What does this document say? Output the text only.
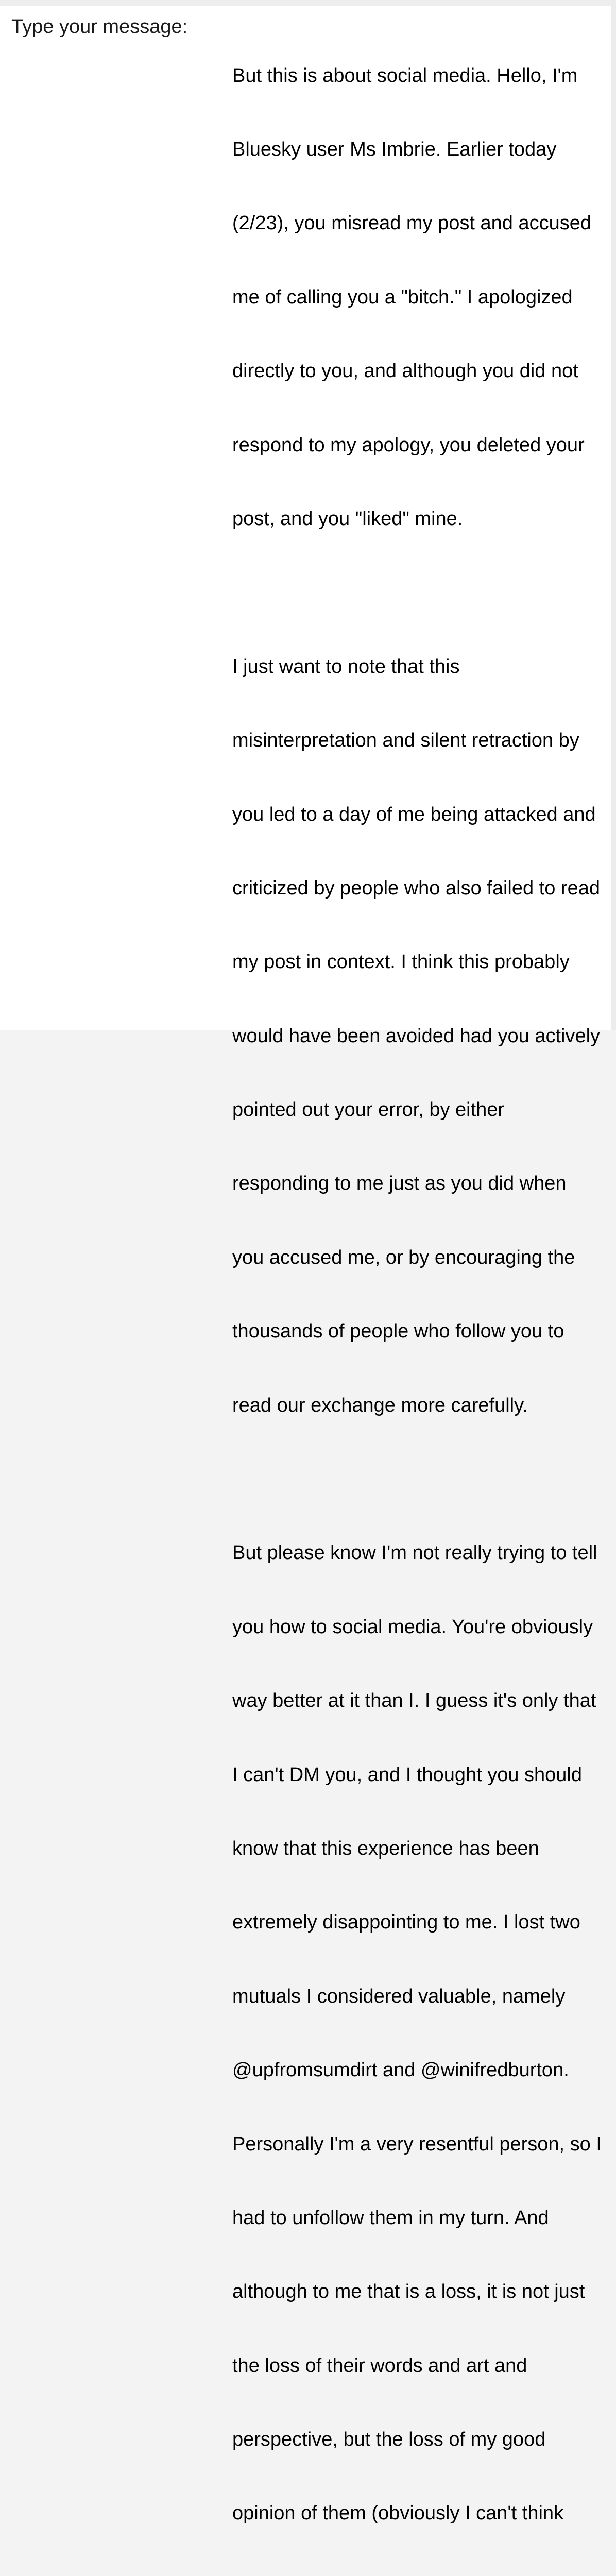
Type your message:

But this is about social media. Hello, I'm

Bluesky user Ms Imbrie. Earlier today

(2/23), you misread my post and accused

me of calling you a "bitch." I apologized

directly to you, and although you did not

respond to my apology, you deleted your

post, and you "liked" mine.

I just want to note that this

misinterpretation and silent retraction by

you led to a day of me being attacked and

criticized by people who also failed to read

my post in context. I think this probably

would have been avoided had you actively

pointed out your error, by either

responding to me just as you did when

you accused me, or by encouraging the

thousands of people who follow you to

read our exchange more carefully.

But please know I'm not really trying to tell

you how to social media. You're obviously

way better at it than I. I guess it's only that

I can't DM you, and I thought you should

know that this experience has been

extremely disappointing to me. I lost two

mutuals I considered valuable, namely

@upfromsumdirt and @winifredburton.

Personally I'm a very resentful person, so I

had to unfollow them in my turn. And

although to me that is a loss, it is not just

the loss of their words and art and

perspective, but the loss of my good

opinion of them (obviously I can't think
